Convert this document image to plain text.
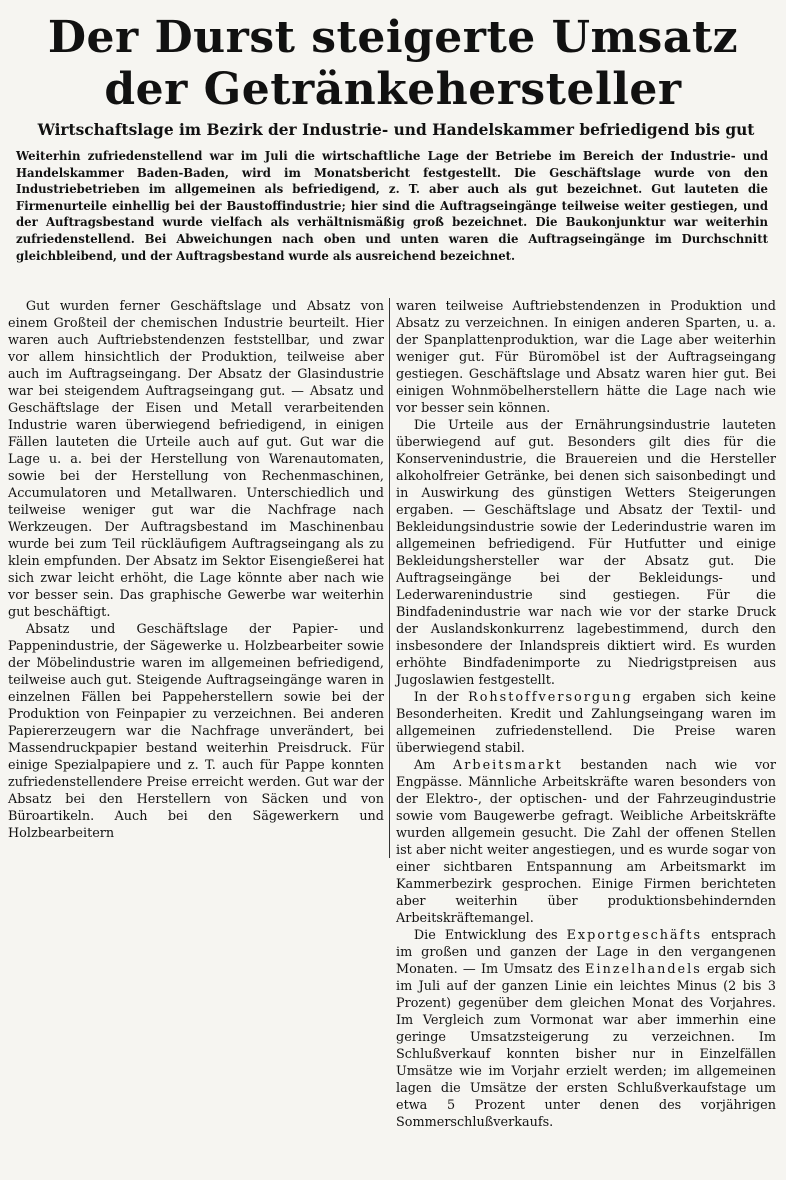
Der Durst steigerte Umsatz
der Getränkehersteller
Wirtschaftslage im Bezirk der Industrie- und Handelskammer befriedigend bis gut
Weiterhin zufriedenstellend war im Juli die wirtschaftliche Lage der Betriebe im Bereich der Industrie- und Handelskammer Baden-Baden, wird im Monatsbericht festgestellt. Die Geschäftslage wurde von den Industriebetrieben im allgemeinen als befriedigend, z. T. aber auch als gut bezeichnet. Gut lauteten die Firmenurteile einhellig bei der Baustoffindustrie; hier sind die Auftragseingänge teilweise weiter gestiegen, und der Auftragsbestand wurde vielfach als verhältnismäßig groß bezeichnet. Die Baukonjunktur war weiterhin zufriedenstellend. Bei Abweichungen nach oben und unten waren die Auftragseingänge im Durchschnitt gleichbleibend, und der Auftragsbestand wurde als ausreichend bezeichnet.

Gut wurden ferner Geschäftslage und Absatz von einem Großteil der chemischen Industrie beurteilt. Hier waren auch Auftriebstendenzen feststellbar, und zwar vor allem hinsichtlich der Produktion, teilweise aber auch im Auftragseingang. Der Absatz der Glasindustrie war bei steigendem Auftragseingang gut. — Absatz und Geschäftslage der Eisen und Metall verarbeitenden Industrie waren überwiegend befriedigend, in einigen Fällen lauteten die Urteile auch auf gut. Gut war die Lage u. a. bei der Herstellung von Warenautomaten, sowie bei der Herstellung von Rechenmaschinen, Accumulatoren und Metallwaren. Unterschiedlich und teilweise weniger gut war die Nachfrage nach Werkzeugen. Der Auftragsbestand im Maschinenbau wurde bei zum Teil rückläufigem Auftragseingang als zu klein empfunden. Der Absatz im Sektor Eisengießerei hat sich zwar leicht erhöht, die Lage könnte aber nach wie vor besser sein. Das graphische Gewerbe war weiterhin gut beschäftigt.

Absatz und Geschäftslage der Papier- und Pappenindustrie, der Sägewerke u. Holzbearbeiter sowie der Möbelindustrie waren im allgemeinen befriedigend, teilweise auch gut. Steigende Auftragseingänge waren in einzelnen Fällen bei Pappeherstellern sowie bei der Produktion von Feinpapier zu verzeichnen. Bei anderen Papiererzeugern war die Nachfrage unverändert, bei Massendruckpapier bestand weiterhin Preisdruck. Für einige Spezialpapiere und z. T. auch für Pappe konnten zufriedenstellendere Preise erreicht werden. Gut war der Absatz bei den Herstellern von Säcken und von Büroartikeln. Auch bei den Sägewerkern und Holzbearbeitern

waren teilweise Auftriebstendenzen in Produktion und Absatz zu verzeichnen. In einigen anderen Sparten, u. a. der Spanplattenproduktion, war die Lage aber weiterhin weniger gut. Für Büromöbel ist der Auftragseingang gestiegen. Geschäftslage und Absatz waren hier gut. Bei einigen Wohnmöbelherstellern hätte die Lage nach wie vor besser sein können.

Die Urteile aus der Ernährungsindustrie lauteten überwiegend auf gut. Besonders gilt dies für die Konservenindustrie, die Brauereien und die Hersteller alkoholfreier Getränke, bei denen sich saisonbedingt und in Auswirkung des günstigen Wetters Steigerungen ergaben. — Geschäftslage und Absatz der Textil- und Bekleidungsindustrie sowie der Lederindustrie waren im allgemeinen befriedigend. Für Hutfutter und einige Bekleidungshersteller war der Absatz gut. Die Auftragseingänge bei der Bekleidungs- und Lederwarenindustrie sind gestiegen. Für die Bindfadenindustrie war nach wie vor der starke Druck der Auslandskonkurrenz lagebestimmend, durch den insbesondere der Inlandspreis diktiert wird. Es wurden erhöhte Bindfadenimporte zu Niedrigstpreisen aus Jugoslawien festgestellt.

In der Rohstoffversorgung ergaben sich keine Besonderheiten. Kredit und Zahlungseingang waren im allgemeinen zufriedenstellend. Die Preise waren überwiegend stabil.

Am Arbeitsmarkt bestanden nach wie vor Engpässe. Männliche Arbeitskräfte waren besonders von der Elektro-, der optischen- und der Fahrzeugindustrie sowie vom Baugewerbe gefragt. Weibliche Arbeitskräfte wurden allgemein gesucht. Die Zahl der offenen Stellen ist aber nicht weiter angestiegen, und es wurde sogar von einer sichtbaren Entspannung am Arbeitsmarkt im Kammerbezirk gesprochen. Einige Firmen berichteten aber weiterhin über produktionsbehindernden Arbeitskräftemangel.

Die Entwicklung des Exportgeschäfts entsprach im großen und ganzen der Lage in den vergangenen Monaten. — Im Umsatz des Einzelhandels ergab sich im Juli auf der ganzen Linie ein leichtes Minus (2 bis 3 Prozent) gegenüber dem gleichen Monat des Vorjahres. Im Vergleich zum Vormonat war aber immerhin eine geringe Umsatzsteigerung zu verzeichnen. Im Schlußverkauf konnten bisher nur in Einzelfällen Umsätze wie im Vorjahr erzielt werden; im allgemeinen lagen die Umsätze der ersten Schlußverkaufstage um etwa 5 Prozent unter denen des vorjährigen Sommerschlußverkaufs.
